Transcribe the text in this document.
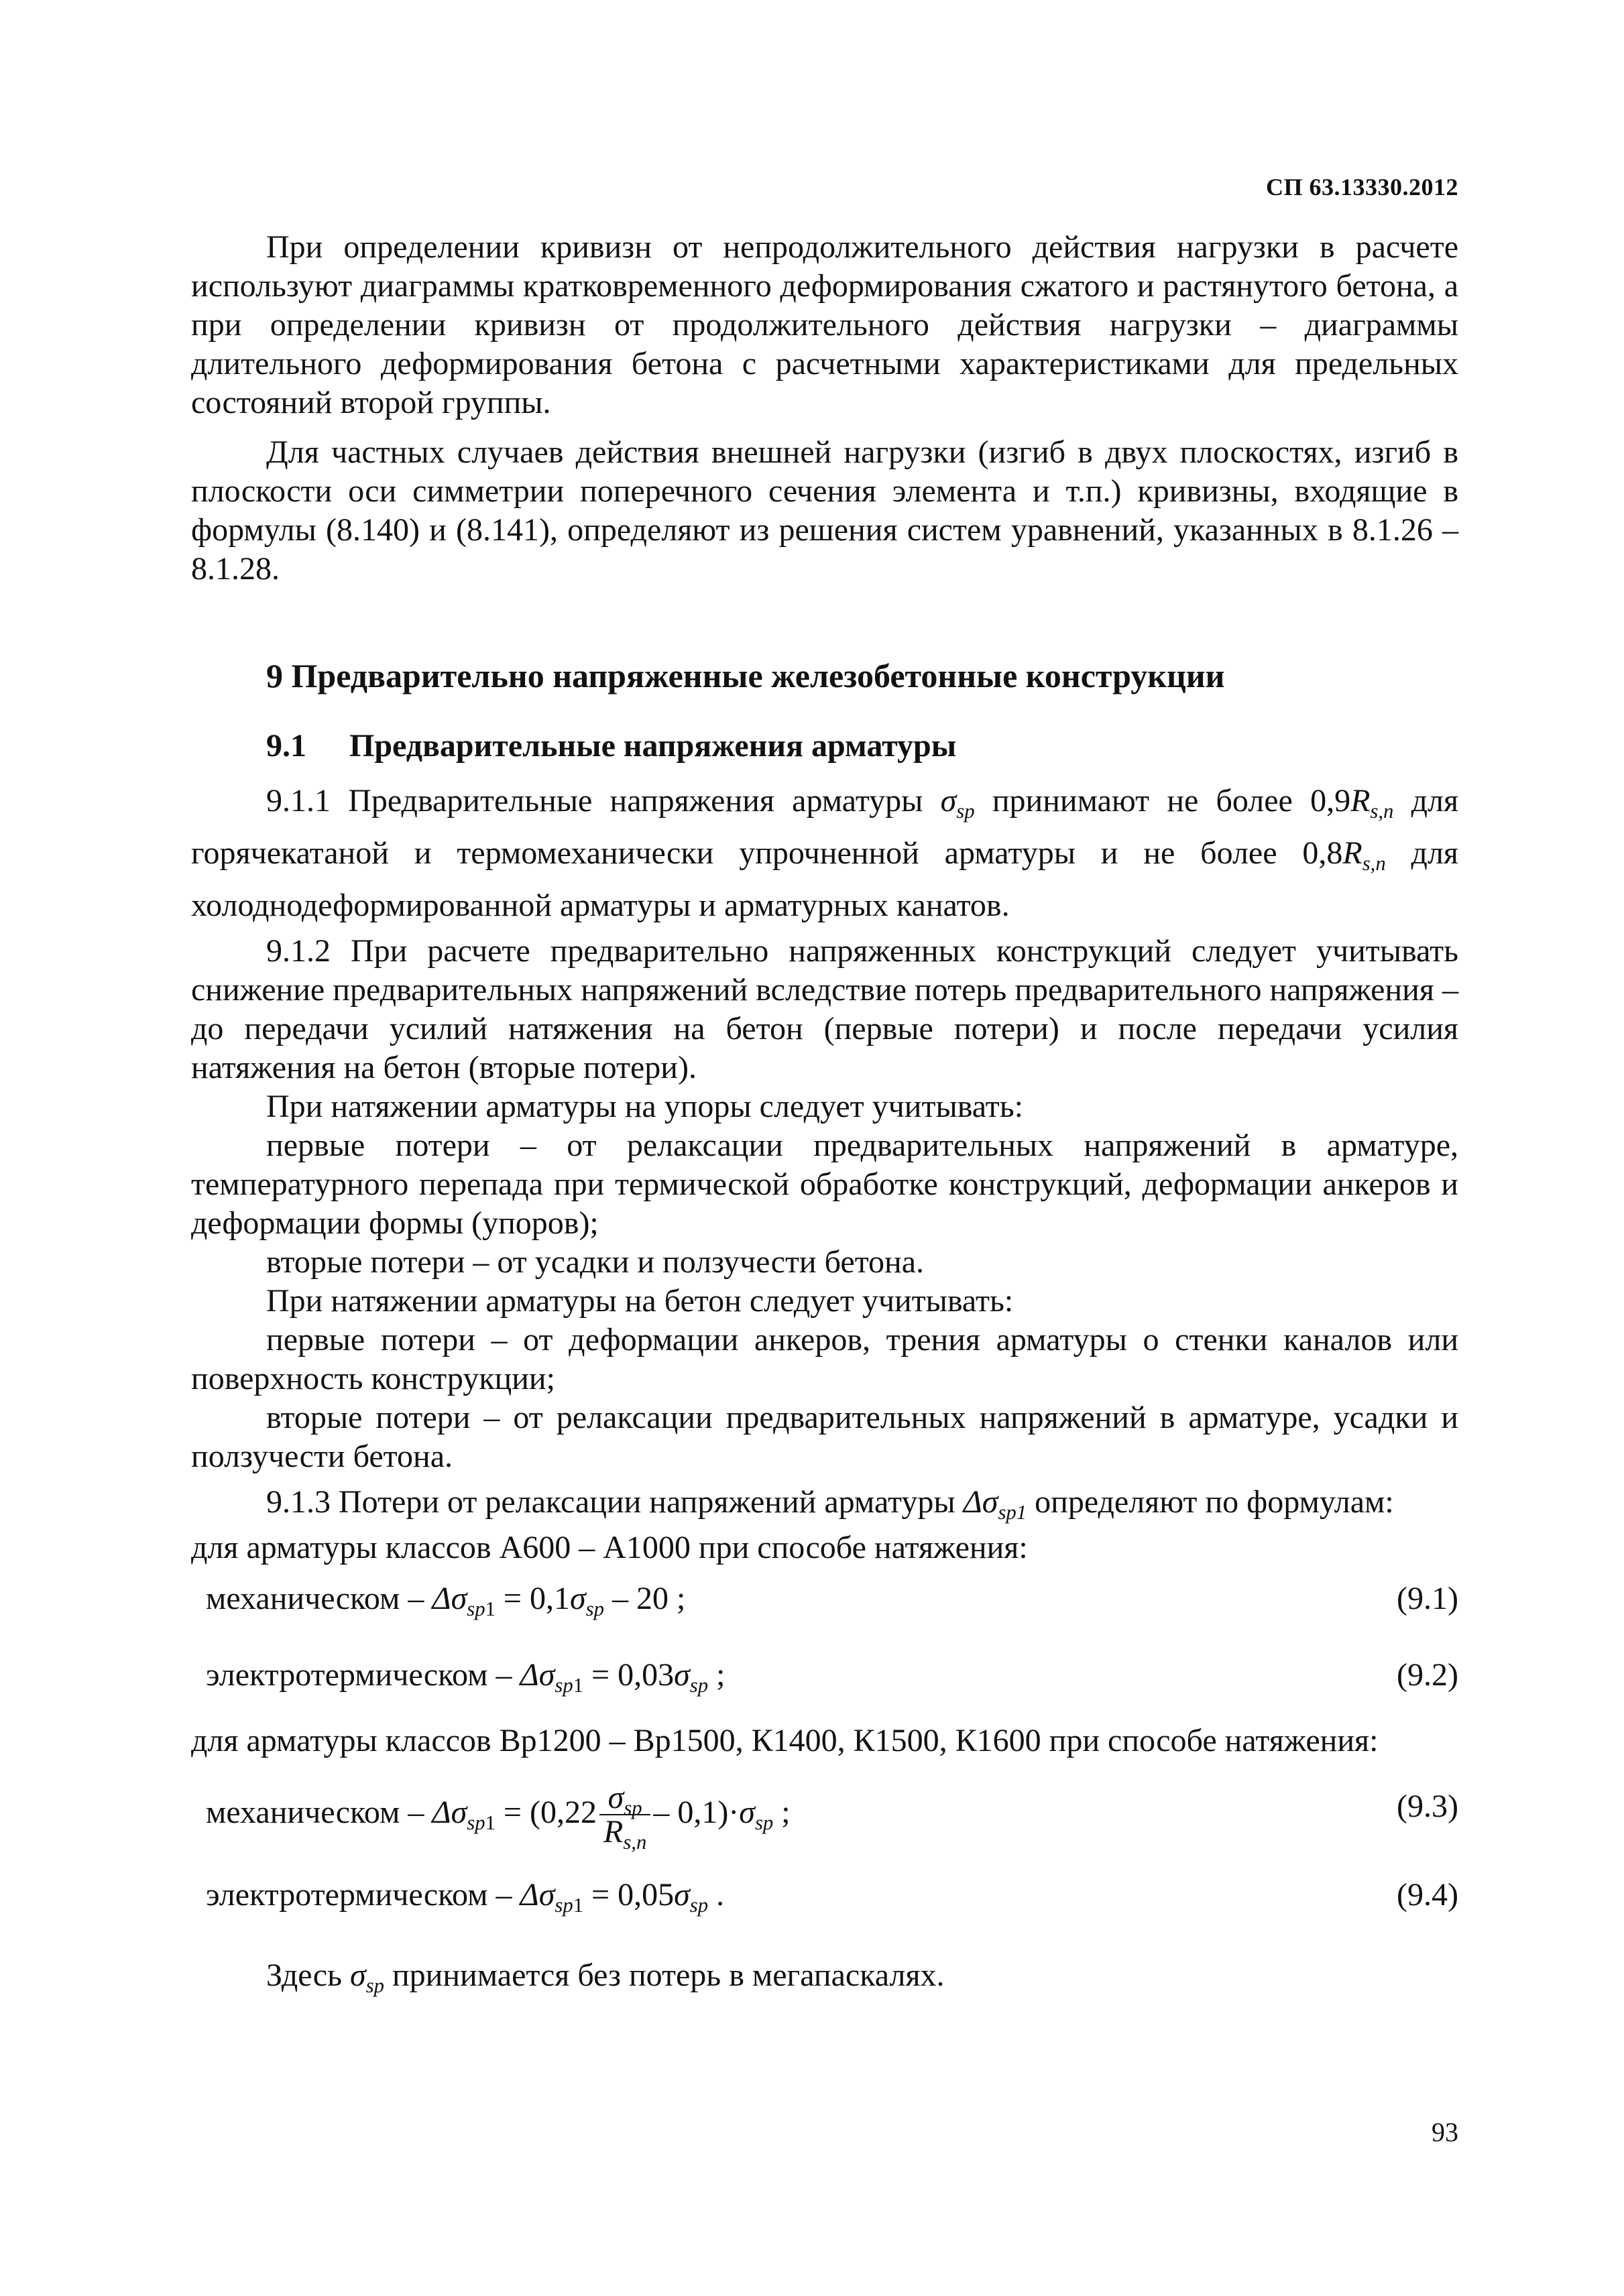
СП 63.13330.2012

При определении кривизн от непродолжительного действия нагрузки в расчете используют диаграммы кратковременного деформирования сжатого и растянутого бетона, а при определении кривизн от продолжительного действия нагрузки – диаграммы длительного деформирования бетона с расчетными характеристиками для предельных состояний второй группы.

Для частных случаев действия внешней нагрузки (изгиб в двух плоскостях, изгиб в плоскости оси симметрии поперечного сечения элемента и т.п.) кривизны, входящие в формулы (8.140) и (8.141), определяют из решения систем уравнений, указанных в 8.1.26 – 8.1.28.

9 Предварительно напряженные железобетонные конструкции
9.1 Предварительные напряжения арматуры

9.1.1 Предварительные напряжения арматуры $\sigma_{sp}$ принимают не более $0,9R_{s,n}$ для горячекатаной и термомеханически упрочненной арматуры и не более $0,8R_{s,n}$ для холоднодеформированной арматуры и арматурных канатов.

9.1.2 При расчете предварительно напряженных конструкций следует учитывать снижение предварительных напряжений вследствие потерь предварительного напряжения – до передачи усилий натяжения на бетон (первые потери) и после передачи усилия натяжения на бетон (вторые потери).

При натяжении арматуры на упоры следует учитывать:

первые потери – от релаксации предварительных напряжений в арматуре, температурного перепада при термической обработке конструкций, деформации анкеров и деформации формы (упоров);

вторые потери – от усадки и ползучести бетона.

При натяжении арматуры на бетон следует учитывать:

первые потери – от деформации анкеров, трения арматуры о стенки каналов или поверхность конструкции;

вторые потери – от релаксации предварительных напряжений в арматуре, усадки и ползучести бетона.

9.1.3 Потери от релаксации напряжений арматуры $\Delta\sigma_{sp1}$ определяют по формулам:

для арматуры классов А600 – А1000 при способе натяжения:

механическом – $\Delta\sigma_{sp1} = 0,1\sigma_{sp} - 20$ ;	(9.1)
электротермическом – $\Delta\sigma_{sp1} = 0,03\sigma_{sp}$ ;	(9.2)

для арматуры классов Bр1200 – Bр1500, К1400, К1500, К1600 при способе натяжения:

механическом – $\Delta\sigma_{sp1} = (0,22 \frac{\sigma_{sp}}{R_{s,n}} - 0,1)\cdot\sigma_{sp}$ ;	(9.3)
электротермическом – $\Delta\sigma_{sp1} = 0,05\sigma_{sp}$ .	(9.4)

Здесь $\sigma_{sp}$ принимается без потерь в мегапаскалях.

93
